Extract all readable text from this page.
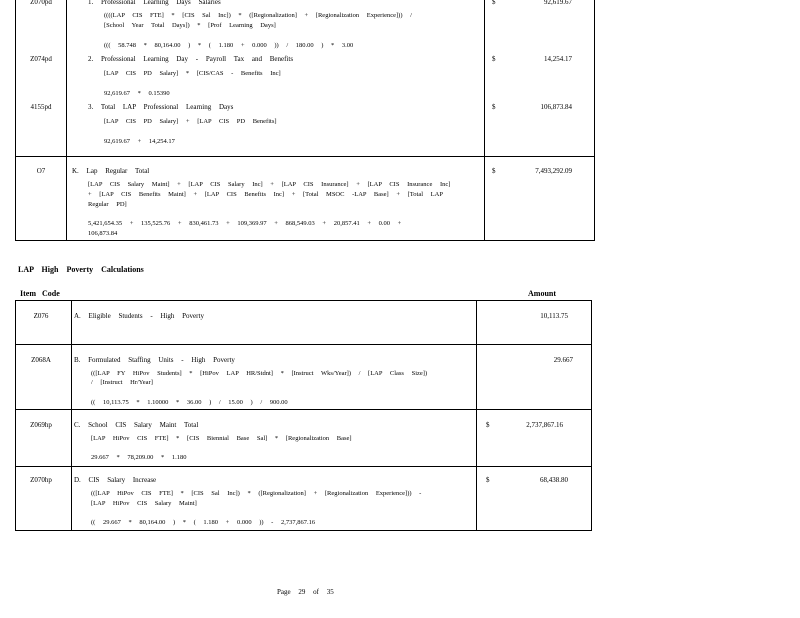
Z070pd	1. Professional Learning Days Salaries
((((LAP CIS FTE] * [CIS Sal Inc]) * ([Regionalization] + [Regionalization Experience])) /
[School Year Total Days]) * [Prof Learning Days]
((( 58.748 * 80,164.00 ) * ( 1.180 + 0.000 )) / 180.00 ) * 3.00
$	92,619.67
Z074pd	2. Professional Learning Day - Payroll Tax and Benefits
[LAP CIS PD Salary] * [CIS/CAS - Benefits Inc]
92,619.67 * 0.15390
$	14,254.17
4155pd	3. Total LAP Professional Learning Days
[LAP CIS PD Salary] + [LAP CIS PD Benefits]
92,619.67 + 14,254.17
$	106,873.84
O7	K. Lap Regular Total
[LAP CIS Salary Maint] + [LAP CIS Salary Inc] + [LAP CIS Insurance] + [LAP CIS Insurance Inc]
+ [LAP CIS Benefits Maint] + [LAP CIS Benefits Inc] + [Total MSOC -LAP Base] + [Total LAP
Regular PD]
5,421,654.35 + 135,525.76 + 830,461.73 + 109,369.97 + 868,549.03 + 20,857.41 + 0.00 +
106,873.84
$	7,493,292.09
LAP High Poverty Calculations
Item Code	Amount
Z076	A. Eligible Students - High Poverty	10,113.75
Z068A	B. Formulated Staffing Units - High Poverty
(([LAP FY HiPov Students] * [HiPov LAP HR/Stdnt] * [Instruct Wks/Year]) / [LAP Class Size])
/ [Instruct Hr/Year]
(( 10,113.75 * 1.10000 * 36.00 ) / 15.00 ) / 900.00
29.667
Z069hp	C. School CIS Salary Maint Total
[LAP HiPov CIS FTE] * [CIS Biennial Base Sal] * [Regionalization Base]
29.667 * 78,209.00 * 1.180
$	2,737,867.16
Z070hp	D. CIS Salary Increase
(([LAP HiPov CIS FTE] * [CIS Sal Inc]) * ([Regionalization] + [Regionalization Experience])) -
[LAP HiPov CIS Salary Maint]
(( 29.667 * 80,164.00 ) * ( 1.180 + 0.000 )) - 2,737,867.16
$	68,438.80
Page 29 of 35
